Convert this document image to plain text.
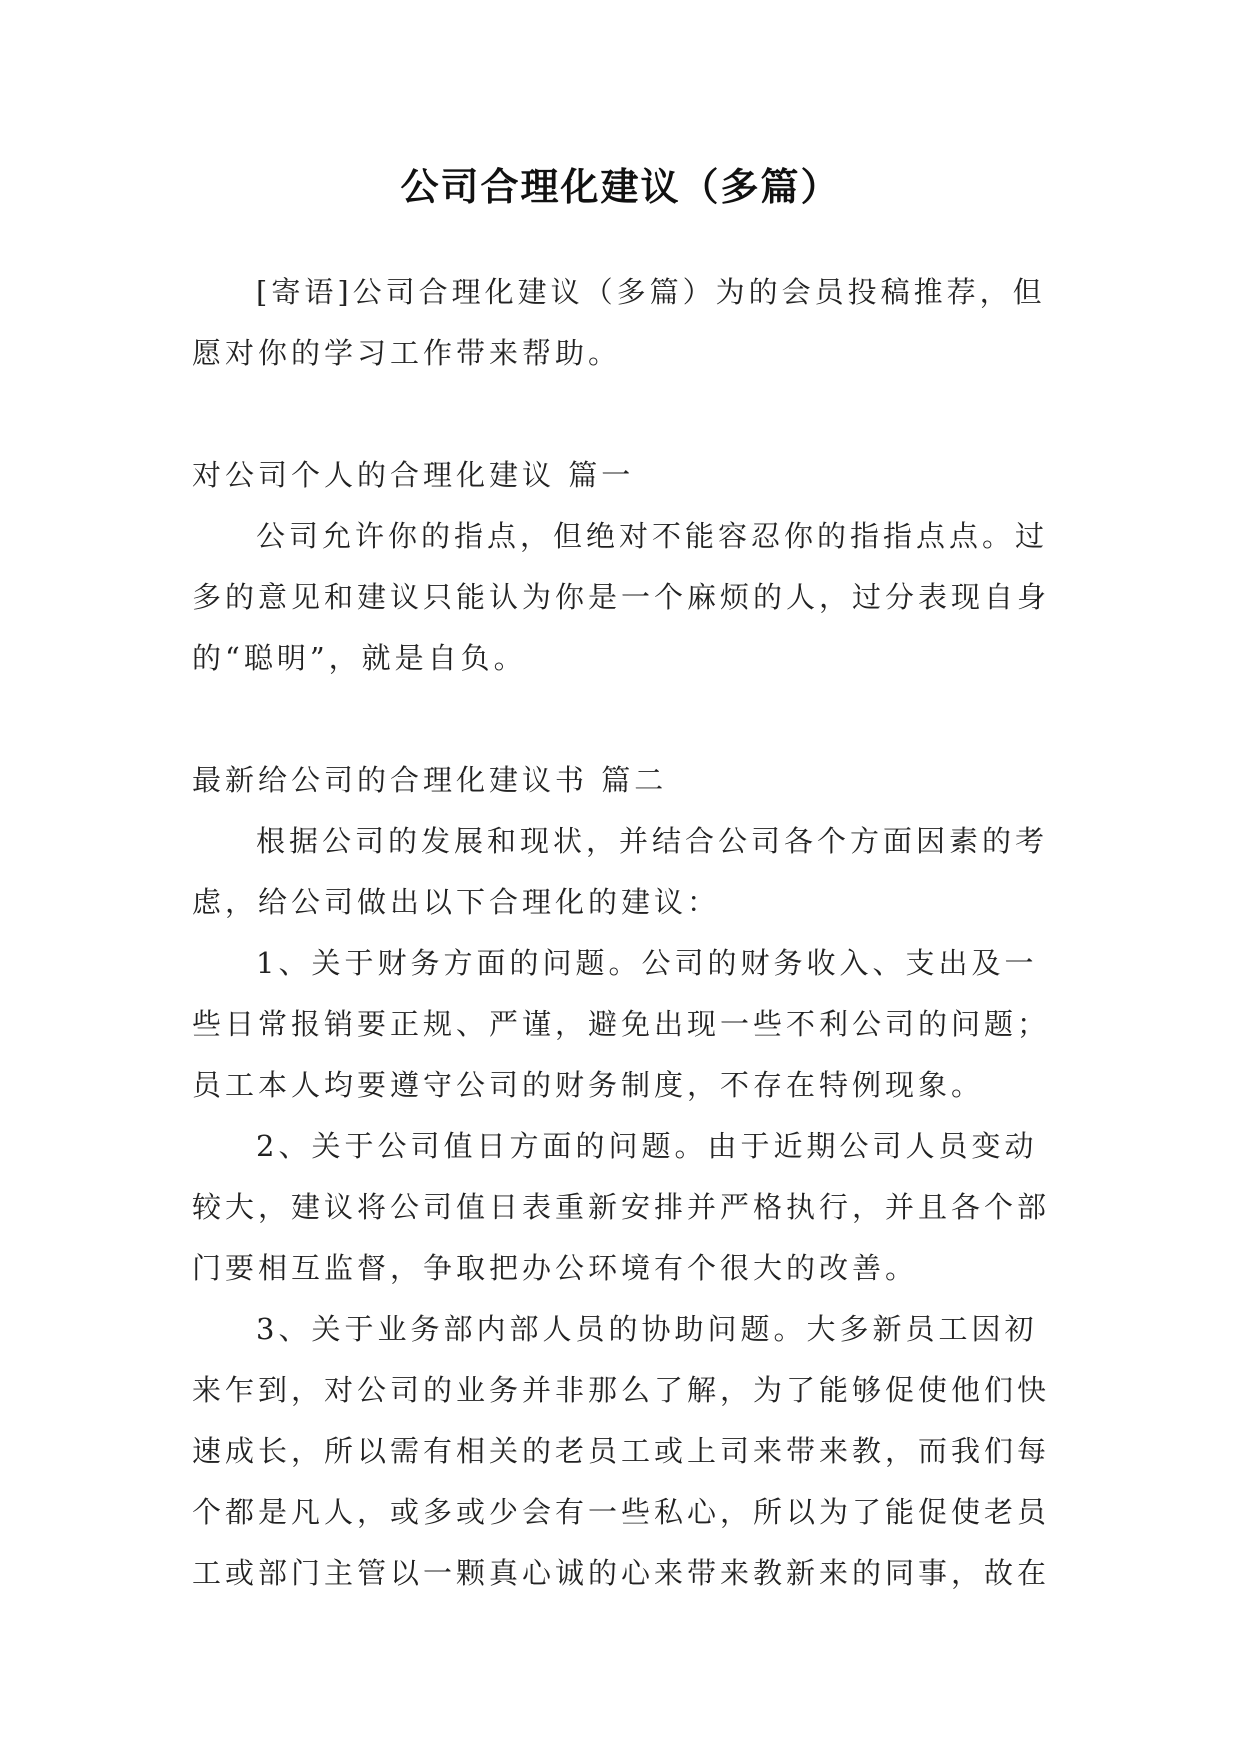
公司合理化建议（多篇）

[寄语]公司合理化建议（多篇）为的会员投稿推荐，但愿对你的学习工作带来帮助。

对公司个人的合理化建议 篇一

公司允许你的指点，但绝对不能容忍你的指指点点。过多的意见和建议只能认为你是一个麻烦的人，过分表现自身的“聪明”，就是自负。

最新给公司的合理化建议书 篇二

根据公司的发展和现状，并结合公司各个方面因素的考虑，给公司做出以下合理化的建议：

1、关于财务方面的问题。公司的财务收入、支出及一些日常报销要正规、严谨，避免出现一些不利公司的问题；员工本人均要遵守公司的财务制度，不存在特例现象。

2、关于公司值日方面的问题。由于近期公司人员变动较大，建议将公司值日表重新安排并严格执行，并且各个部门要相互监督，争取把办公环境有个很大的改善。

3、关于业务部内部人员的协助问题。大多新员工因初来乍到，对公司的业务并非那么了解，为了能够促使他们快速成长，所以需有相关的老员工或上司来带来教，而我们每个都是凡人，或多或少会有一些私心，所以为了能促使老员工或部门主管以一颗真心诚的心来带来教新来的同事，故在
